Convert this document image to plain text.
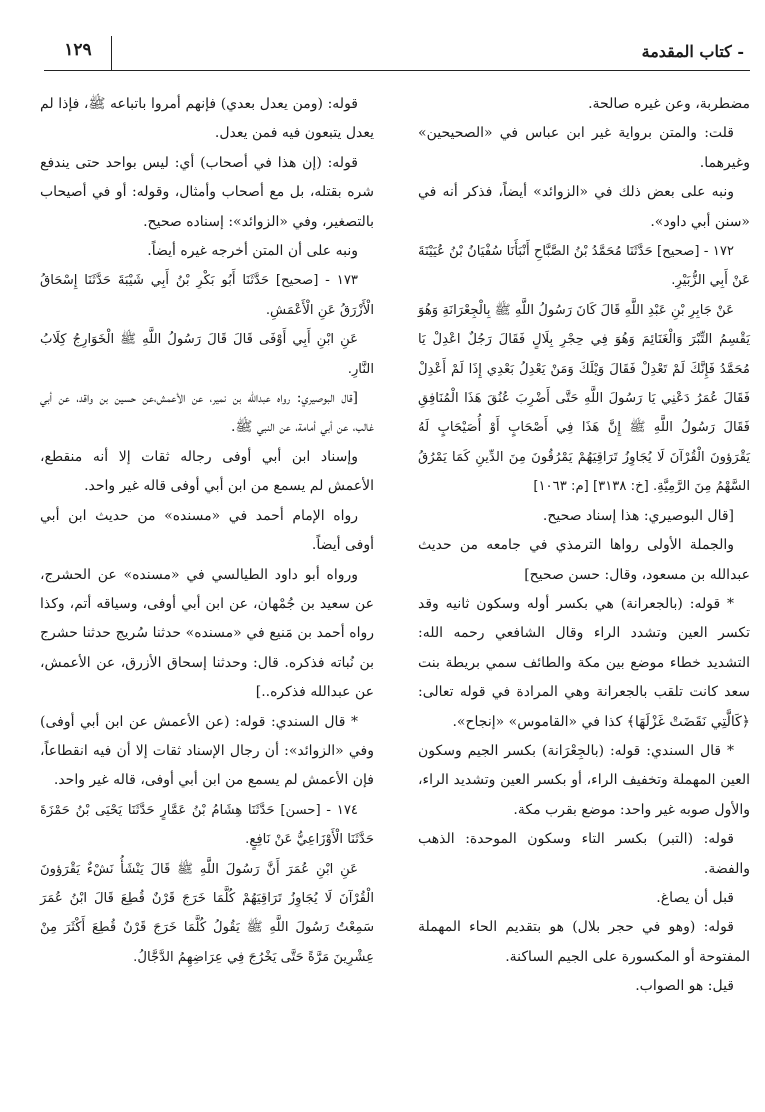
١٢٩	- كتاب المقدمة

مضطربة، وعن غيره صالحة.

قلت: والمتن برواية غير ابن عباس في «الصحيحين» وغيرهما.

ونبه على بعض ذلك في «الزوائد» أيضاً، فذكر أنه في «سنن أبي داود».

١٧٢ - [صحيح] حَدَّثَنَا مُحَمَّدُ بْنُ الصَّبَّاحِ أَنْبَأَنَا سُفْيَانُ بْنُ عُيَيْنَةَ عَنْ أَبِي الزُّبَيْرِ.

عَنْ جَابِرِ بْنِ عَبْدِ اللَّهِ قَالَ كَانَ رَسُولُ اللَّهِ ﷺ بِالْجِعْرَانَةِ وَهُوَ يَقْسِمُ التِّبْرَ وَالْغَنَائِمَ وَهُوَ فِي حِجْرِ بِلَالٍ فَقَالَ رَجُلٌ اعْدِلْ يَا مُحَمَّدُ فَإِنَّكَ لَمْ تَعْدِلْ فَقَالَ وَيْلَكَ وَمَنْ يَعْدِلُ بَعْدِي إِذَا لَمْ أَعْدِلْ فَقَالَ عُمَرُ دَعْنِي يَا رَسُولَ اللَّهِ حَتَّى أَضْرِبَ عُنُقَ هَذَا الْمُنَافِقِ فَقَالَ رَسُولُ اللَّهِ ﷺ إِنَّ هَذَا فِي أَصْحَابٍ أَوْ أُصَيْحَابٍ لَهُ يَقْرَؤونَ الْقُرْآنَ لَا يُجَاوِزُ تَرَاقِيَهُمْ يَمْرُقُونَ مِنَ الدِّينِ كَمَا يَمْرُقُ السَّهْمُ مِنَ الرَّمِيَّةِ. [خ: ٣١٣٨] [م: ١٠٦٣]

[قال البوصيري: هذا إسناد صحيح.

والجملة الأولى رواها الترمذي في جامعه من حديث عبدالله بن مسعود، وقال: حسن صحيح]

* قوله: (بالجعرانة) هي بكسر أوله وسكون ثانيه وقد تكسر العين وتشدد الراء وقال الشافعي رحمه الله: التشديد خطاء موضع بين مكة والطائف سمي بريطة بنت سعد كانت تلقب بالجعرانة وهي المرادة في قوله تعالى: ﴿كَالَّتِي نَقَضَتْ غَزْلَهَا﴾ كذا في «القاموس» «إنجاح».

* قال السندي: قوله: (بالجِعْرَانة) بكسر الجيم وسكون العين المهملة وتخفيف الراء، أو بكسر العين وتشديد الراء، والأول صوبه غير واحد: موضع بقرب مكة.

قوله: (التبر) بكسر التاء وسكون الموحدة: الذهب والفضة.

قبل أن يصاغ.

قوله: (وهو في حجر بلال) هو بتقديم الحاء المهملة المفتوحة أو المكسورة على الجيم الساكنة.

قيل: هو الصواب.

قوله: (ومن يعدل بعدي) فإنهم أمروا باتباعه ﷺ، فإذا لم يعدل يتبعون فيه فمن يعدل.

قوله: (إن هذا في أصحاب) أي: ليس بواحد حتى يندفع شره بقتله، بل مع أصحاب وأمثال، وقوله: أو في أصيحاب بالتصغير، وفي «الزوائد»: إسناده صحيح.

ونبه على أن المتن أخرجه غيره أيضاً.

١٧٣ - [صحيح] حَدَّثَنَا أَبُو بَكْرِ بْنُ أَبِي شَيْبَةَ حَدَّثَنَا إِسْحَاقُ الْأَزْرَقُ عَنِ الْأَعْمَشِ.

عَنِ ابْنِ أَبِي أَوْفَى قَالَ قَالَ رَسُولُ اللَّهِ ﷺ الْخَوَارِجُ كِلَابُ النَّارِ.

[قال البوصيري: رواه عبدالله بن نمير، عن الأعمش،عن حسين بن واقد، عن أبي غالب، عن أبي أمامة، عن النبي ﷺ.

وإسناد ابن أبي أوفى رجاله ثقات إلا أنه منقطع، الأعمش لم يسمع من ابن أبي أوفى قاله غير واحد.

رواه الإمام أحمد في «مسنده» من حديث ابن أبي أوفى أيضاً.

ورواه أبو داود الطيالسي في «مسنده» عن الحشرج، عن سعيد بن جُمْهان، عن ابن أبي أوفى، وسياقه أتم، وكذا رواه أحمد بن مَنيع في «مسنده» حدثنا سُريج حدثنا حشرج بن نُباته فذكره. قال: وحدثنا إسحاق الأزرق، عن الأعمش، عن عبدالله فذكره..]

* قال السندي: قوله: (عن الأعمش عن ابن أبي أوفى) وفي «الزوائد»: أن رجال الإسناد ثقات إلا أن فيه انقطاعاً، فإن الأعمش لم يسمع من ابن أبي أوفى، قاله غير واحد.

١٧٤ - [حسن] حَدَّثَنَا هِشَامُ بْنُ عَمَّارٍ حَدَّثَنَا يَحْيَى بْنُ حَمْزَةَ حَدَّثَنَا الْأَوْزَاعِيُّ عَنْ نَافِعٍ.

عَنِ ابْنِ عُمَرَ أَنَّ رَسُولَ اللَّهِ ﷺ قَالَ يَنْشَأُ نَشْءٌ يَقْرَؤونَ الْقُرْآنَ لَا يُجَاوِزُ تَرَاقِيَهُمْ كُلَّمَا خَرَجَ قَرْنٌ قُطِعَ قَالَ ابْنُ عُمَرَ سَمِعْتُ رَسُولَ اللَّهِ ﷺ يَقُولُ كُلَّمَا خَرَجَ قَرْنٌ قُطِعَ أَكْثَرَ مِنْ عِشْرِينَ مَرَّةً حَتَّى يَخْرُجَ فِي عِرَاضِهِمُ الدَّجَّالُ.
